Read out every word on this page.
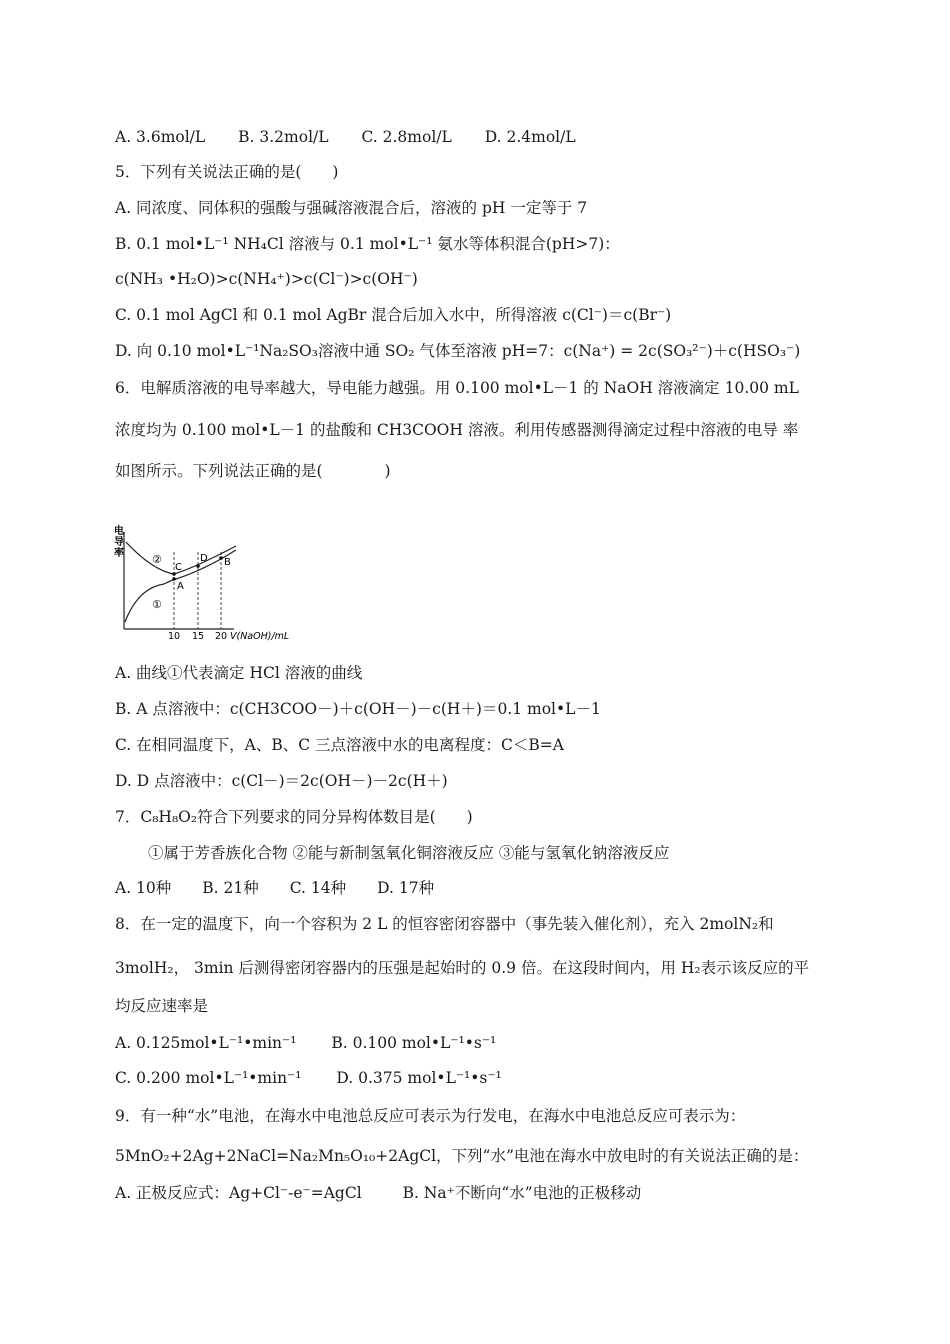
A. 3.6mol/L B. 3.2mol/L C. 2.8mol/L D. 2.4mol/L
5．下列有关说法正确的是(　　)
A. 同浓度、同体积的强酸与强碱溶液混合后，溶液的 pH 一定等于 7
B. 0.1 mol•L⁻¹ NH₄Cl 溶液与 0.1 mol•L⁻¹ 氨水等体积混合(pH>7)：
c(NH₃ •H₂O)>c(NH₄⁺)>c(Cl⁻)>c(OH⁻)
C. 0.1 mol AgCl 和 0.1 mol AgBr 混合后加入水中，所得溶液 c(Cl⁻)＝c(Br⁻)
D. 向 0.10 mol•L⁻¹Na₂SO₃溶液中通 SO₂ 气体至溶液 pH=7：c(Na⁺) = 2c(SO₃²⁻)＋c(HSO₃⁻)
6．电解质溶液的电导率越大，导电能力越强。用 0.100 mol•L－1 的 NaOH 溶液滴定 10.00 mL
浓度均为 0.100 mol•L－1 的盐酸和 CH3COOH 溶液。利用传感器测得滴定过程中溶液的电导 率
如图所示。下列说法正确的是(　　　　)
电导率
A
B
C
D
②
①
10 15 20 V(NaOH)/mL
A. 曲线①代表滴定 HCl 溶液的曲线
B. A 点溶液中：c(CH3COO－)＋c(OH－)－c(H＋)＝0.1 mol•L－1
C. 在相同温度下，A、B、C 三点溶液中水的电离程度：C＜B=A
D. D 点溶液中：c(Cl－)＝2c(OH－)－2c(H＋)
7．C₈H₈O₂符合下列要求的同分异构体数目是(　　)
①属于芳香族化合物 ②能与新制氢氧化铜溶液反应 ③能与氢氧化钠溶液反应
A. 10种　　B. 21种　　C. 14种　　D. 17种
8．在一定的温度下，向一个容积为 2 L 的恒容密闭容器中（事先装入催化剂），充入 2molN₂和
3molH₂， 3min 后测得密闭容器内的压强是起始时的 0.9 倍。在这段时间内，用 H₂表示该反应的平
均反应速率是
A. 0.125mol•L⁻¹•min⁻¹ B. 0.100 mol•L⁻¹•s⁻¹
C. 0.200 mol•L⁻¹•min⁻¹ D. 0.375 mol•L⁻¹•s⁻¹
9．有一种“水”电池，在海水中电池总反应可表示为行发电，在海水中电池总反应可表示为：
5MnO₂+2Ag+2NaCl=Na₂Mn₅O₁₀+2AgCl，下列“水”电池在海水中放电时的有关说法正确的是：
A. 正极反应式：Ag+Cl⁻-e⁻=AgCl	B. Na⁺不断向“水”电池的正极移动
